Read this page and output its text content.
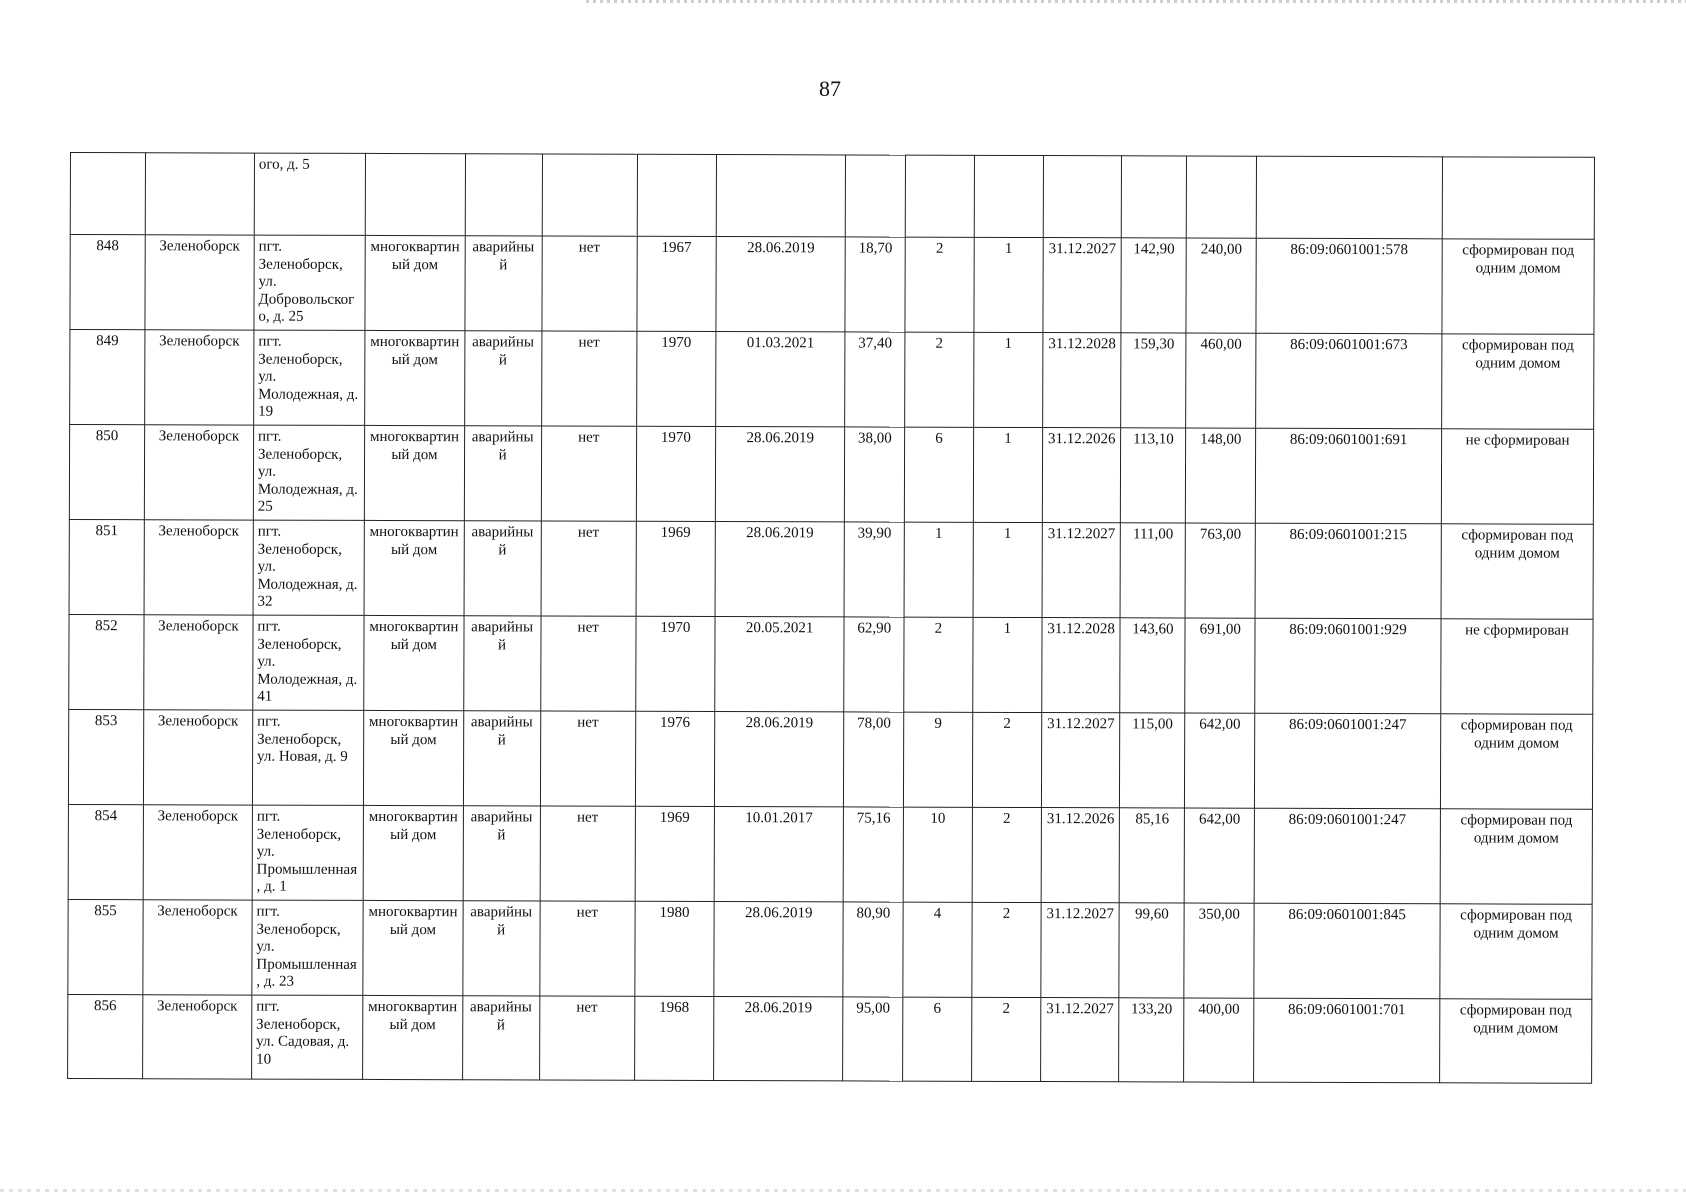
87
		ого, д. 5													
848	Зеленоборск	пгт. Зеленоборск, ул. Добровольского, д. 25	многоквартиный дом	аварийный	нет	1967	28.06.2019	18,70	2	1	31.12.2027	142,90	240,00	86:09:0601001:578	сформирован под одним домом
849	Зеленоборск	пгт. Зеленоборск, ул. Молодежная, д. 19	многоквартиный дом	аварийный	нет	1970	01.03.2021	37,40	2	1	31.12.2028	159,30	460,00	86:09:0601001:673	сформирован под одним домом
850	Зеленоборск	пгт. Зеленоборск, ул. Молодежная, д. 25	многоквартиный дом	аварийный	нет	1970	28.06.2019	38,00	6	1	31.12.2026	113,10	148,00	86:09:0601001:691	не сформирован
851	Зеленоборск	пгт. Зеленоборск, ул. Молодежная, д. 32	многоквартиный дом	аварийный	нет	1969	28.06.2019	39,90	1	1	31.12.2027	111,00	763,00	86:09:0601001:215	сформирован под одним домом
852	Зеленоборск	пгт. Зеленоборск, ул. Молодежная, д. 41	многоквартиный дом	аварийный	нет	1970	20.05.2021	62,90	2	1	31.12.2028	143,60	691,00	86:09:0601001:929	не сформирован
853	Зеленоборск	пгт. Зеленоборск, ул. Новая, д. 9	многоквартиный дом	аварийный	нет	1976	28.06.2019	78,00	9	2	31.12.2027	115,00	642,00	86:09:0601001:247	сформирован под одним домом
854	Зеленоборск	пгт. Зеленоборск, ул. Промышленная, д. 1	многоквартиный дом	аварийный	нет	1969	10.01.2017	75,16	10	2	31.12.2026	85,16	642,00	86:09:0601001:247	сформирован под одним домом
855	Зеленоборск	пгт. Зеленоборск, ул. Промышленная, д. 23	многоквартиный дом	аварийный	нет	1980	28.06.2019	80,90	4	2	31.12.2027	99,60	350,00	86:09:0601001:845	сформирован под одним домом
856	Зеленоборск	пгт. Зеленоборск, ул. Садовая, д. 10	многоквартиный дом	аварийный	нет	1968	28.06.2019	95,00	6	2	31.12.2027	133,20	400,00	86:09:0601001:701	сформирован под одним домом
